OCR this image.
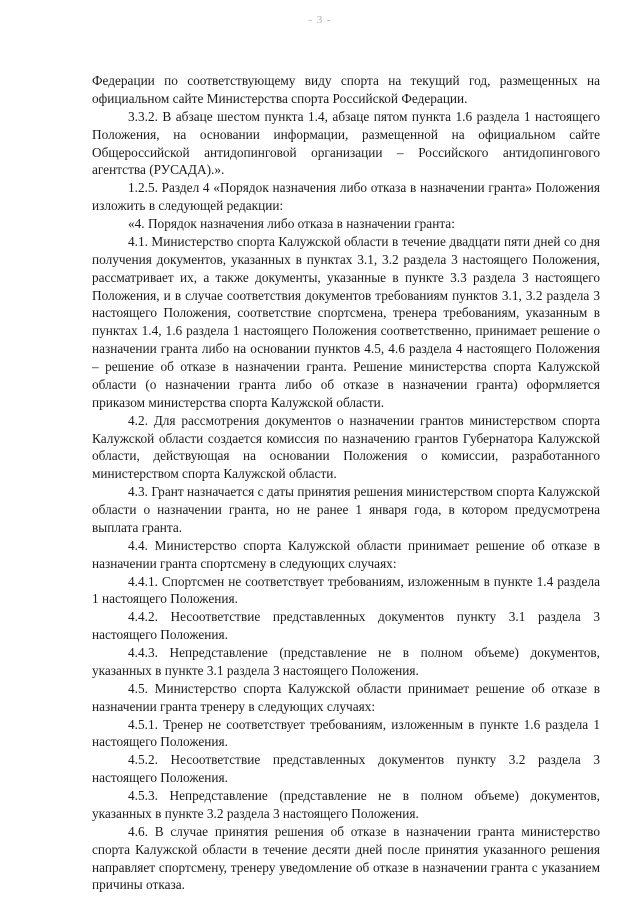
- 3 -

Федерации по соответствующему виду спорта на текущий год, размещенных на официальном сайте Министерства спорта Российской Федерации.

3.3.2. В абзаце шестом пункта 1.4, абзаце пятом пункта 1.6 раздела 1 настоящего Положения, на основании информации, размещенной на официальном сайте Общероссийской антидопинговой организации – Российского антидопингового агентства (РУСАДА).».

1.2.5. Раздел 4 «Порядок назначения либо отказа в назначении гранта» Положения изложить в следующей редакции:

«4. Порядок назначения либо отказа в назначении гранта:

4.1. Министерство спорта Калужской области в течение двадцати пяти дней со дня получения документов, указанных в пунктах 3.1, 3.2 раздела 3 настоящего Положения, рассматривает их, а также документы, указанные в пункте 3.3 раздела 3 настоящего Положения, и в случае соответствия документов требованиям пунктов 3.1, 3.2 раздела 3 настоящего Положения, соответствие спортсмена, тренера требованиям, указанным в пунктах 1.4, 1.6 раздела 1 настоящего Положения соответственно, принимает решение о назначении гранта либо на основании пунктов 4.5, 4.6 раздела 4 настоящего Положения – решение об отказе в назначении гранта. Решение министерства спорта Калужской области (о назначении гранта либо об отказе в назначении гранта) оформляется приказом министерства спорта Калужской области.

4.2. Для рассмотрения документов о назначении грантов министерством спорта Калужской области создается комиссия по назначению грантов Губернатора Калужской области, действующая на основании Положения о комиссии, разработанного министерством спорта Калужской области.

4.3. Грант назначается с даты принятия решения министерством спорта Калужской области о назначении гранта, но не ранее 1 января года, в котором предусмотрена выплата гранта.

4.4. Министерство спорта Калужской области принимает решение об отказе в назначении гранта спортсмену в следующих случаях:

4.4.1. Спортсмен не соответствует требованиям, изложенным в пункте 1.4 раздела 1 настоящего Положения.

4.4.2. Несоответствие представленных документов пункту 3.1 раздела 3 настоящего Положения.

4.4.3. Непредставление (представление не в полном объеме) документов, указанных в пункте 3.1 раздела 3 настоящего Положения.

4.5. Министерство спорта Калужской области принимает решение об отказе в назначении гранта тренеру в следующих случаях:

4.5.1. Тренер не соответствует требованиям, изложенным в пункте 1.6 раздела 1 настоящего Положения.

4.5.2. Несоответствие представленных документов пункту 3.2 раздела 3 настоящего Положения.

4.5.3. Непредставление (представление не в полном объеме) документов, указанных в пункте 3.2 раздела 3 настоящего Положения.

4.6. В случае принятия решения об отказе в назначении гранта министерство спорта Калужской области в течение десяти дней после принятия указанного решения направляет спортсмену, тренеру уведомление об отказе в назначении гранта с указанием причины отказа.
